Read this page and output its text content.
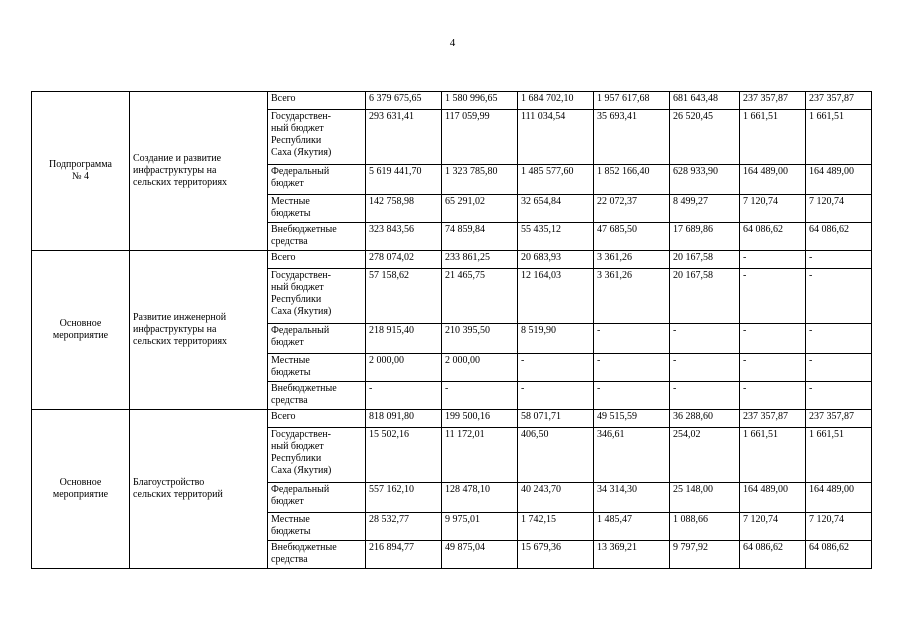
4
Подпрограмма
№ 4	Создание и развитие
инфраструктуры на
сельских территориях	Всего	6 379 675,65	1 580 996,65	1 684 702,10	1 957 617,68	681 643,48	237 357,87	237 357,87
		Государствен-
ный бюджет
Республики
Саха (Якутия)	293 631,41	117 059,99	111 034,54	35 693,41	26 520,45	1 661,51	1 661,51
		Федеральный
бюджет	5 619 441,70	1 323 785,80	1 485 577,60	1 852 166,40	628 933,90	164 489,00	164 489,00
		Местные
бюджеты	142 758,98	65 291,02	32 654,84	22 072,37	8 499,27	7 120,74	7 120,74
		Внебюджетные
средства	323 843,56	74 859,84	55 435,12	47 685,50	17 689,86	64 086,62	64 086,62
Основное
мероприятие	Развитие инженерной
инфраструктуры на
сельских территориях	Всего	278 074,02	233 861,25	20 683,93	3 361,26	20 167,58	-	-
		Государствен-
ный бюджет
Республики
Саха (Якутия)	57 158,62	21 465,75	12 164,03	3 361,26	20 167,58	-	-
		Федеральный
бюджет	218 915,40	210 395,50	8 519,90	-	-	-	-
		Местные
бюджеты	2 000,00	2 000,00	-	-	-	-	-
		Внебюджетные
средства	-	-	-	-	-	-	-
Основное
мероприятие	Благоустройство
сельских территорий	Всего	818 091,80	199 500,16	58 071,71	49 515,59	36 288,60	237 357,87	237 357,87
		Государствен-
ный бюджет
Республики
Саха (Якутия)	15 502,16	11 172,01	406,50	346,61	254,02	1 661,51	1 661,51
		Федеральный
бюджет	557 162,10	128 478,10	40 243,70	34 314,30	25 148,00	164 489,00	164 489,00
		Местные
бюджеты	28 532,77	9 975,01	1 742,15	1 485,47	1 088,66	7 120,74	7 120,74
		Внебюджетные
средства	216 894,77	49 875,04	15 679,36	13 369,21	9 797,92	64 086,62	64 086,62
